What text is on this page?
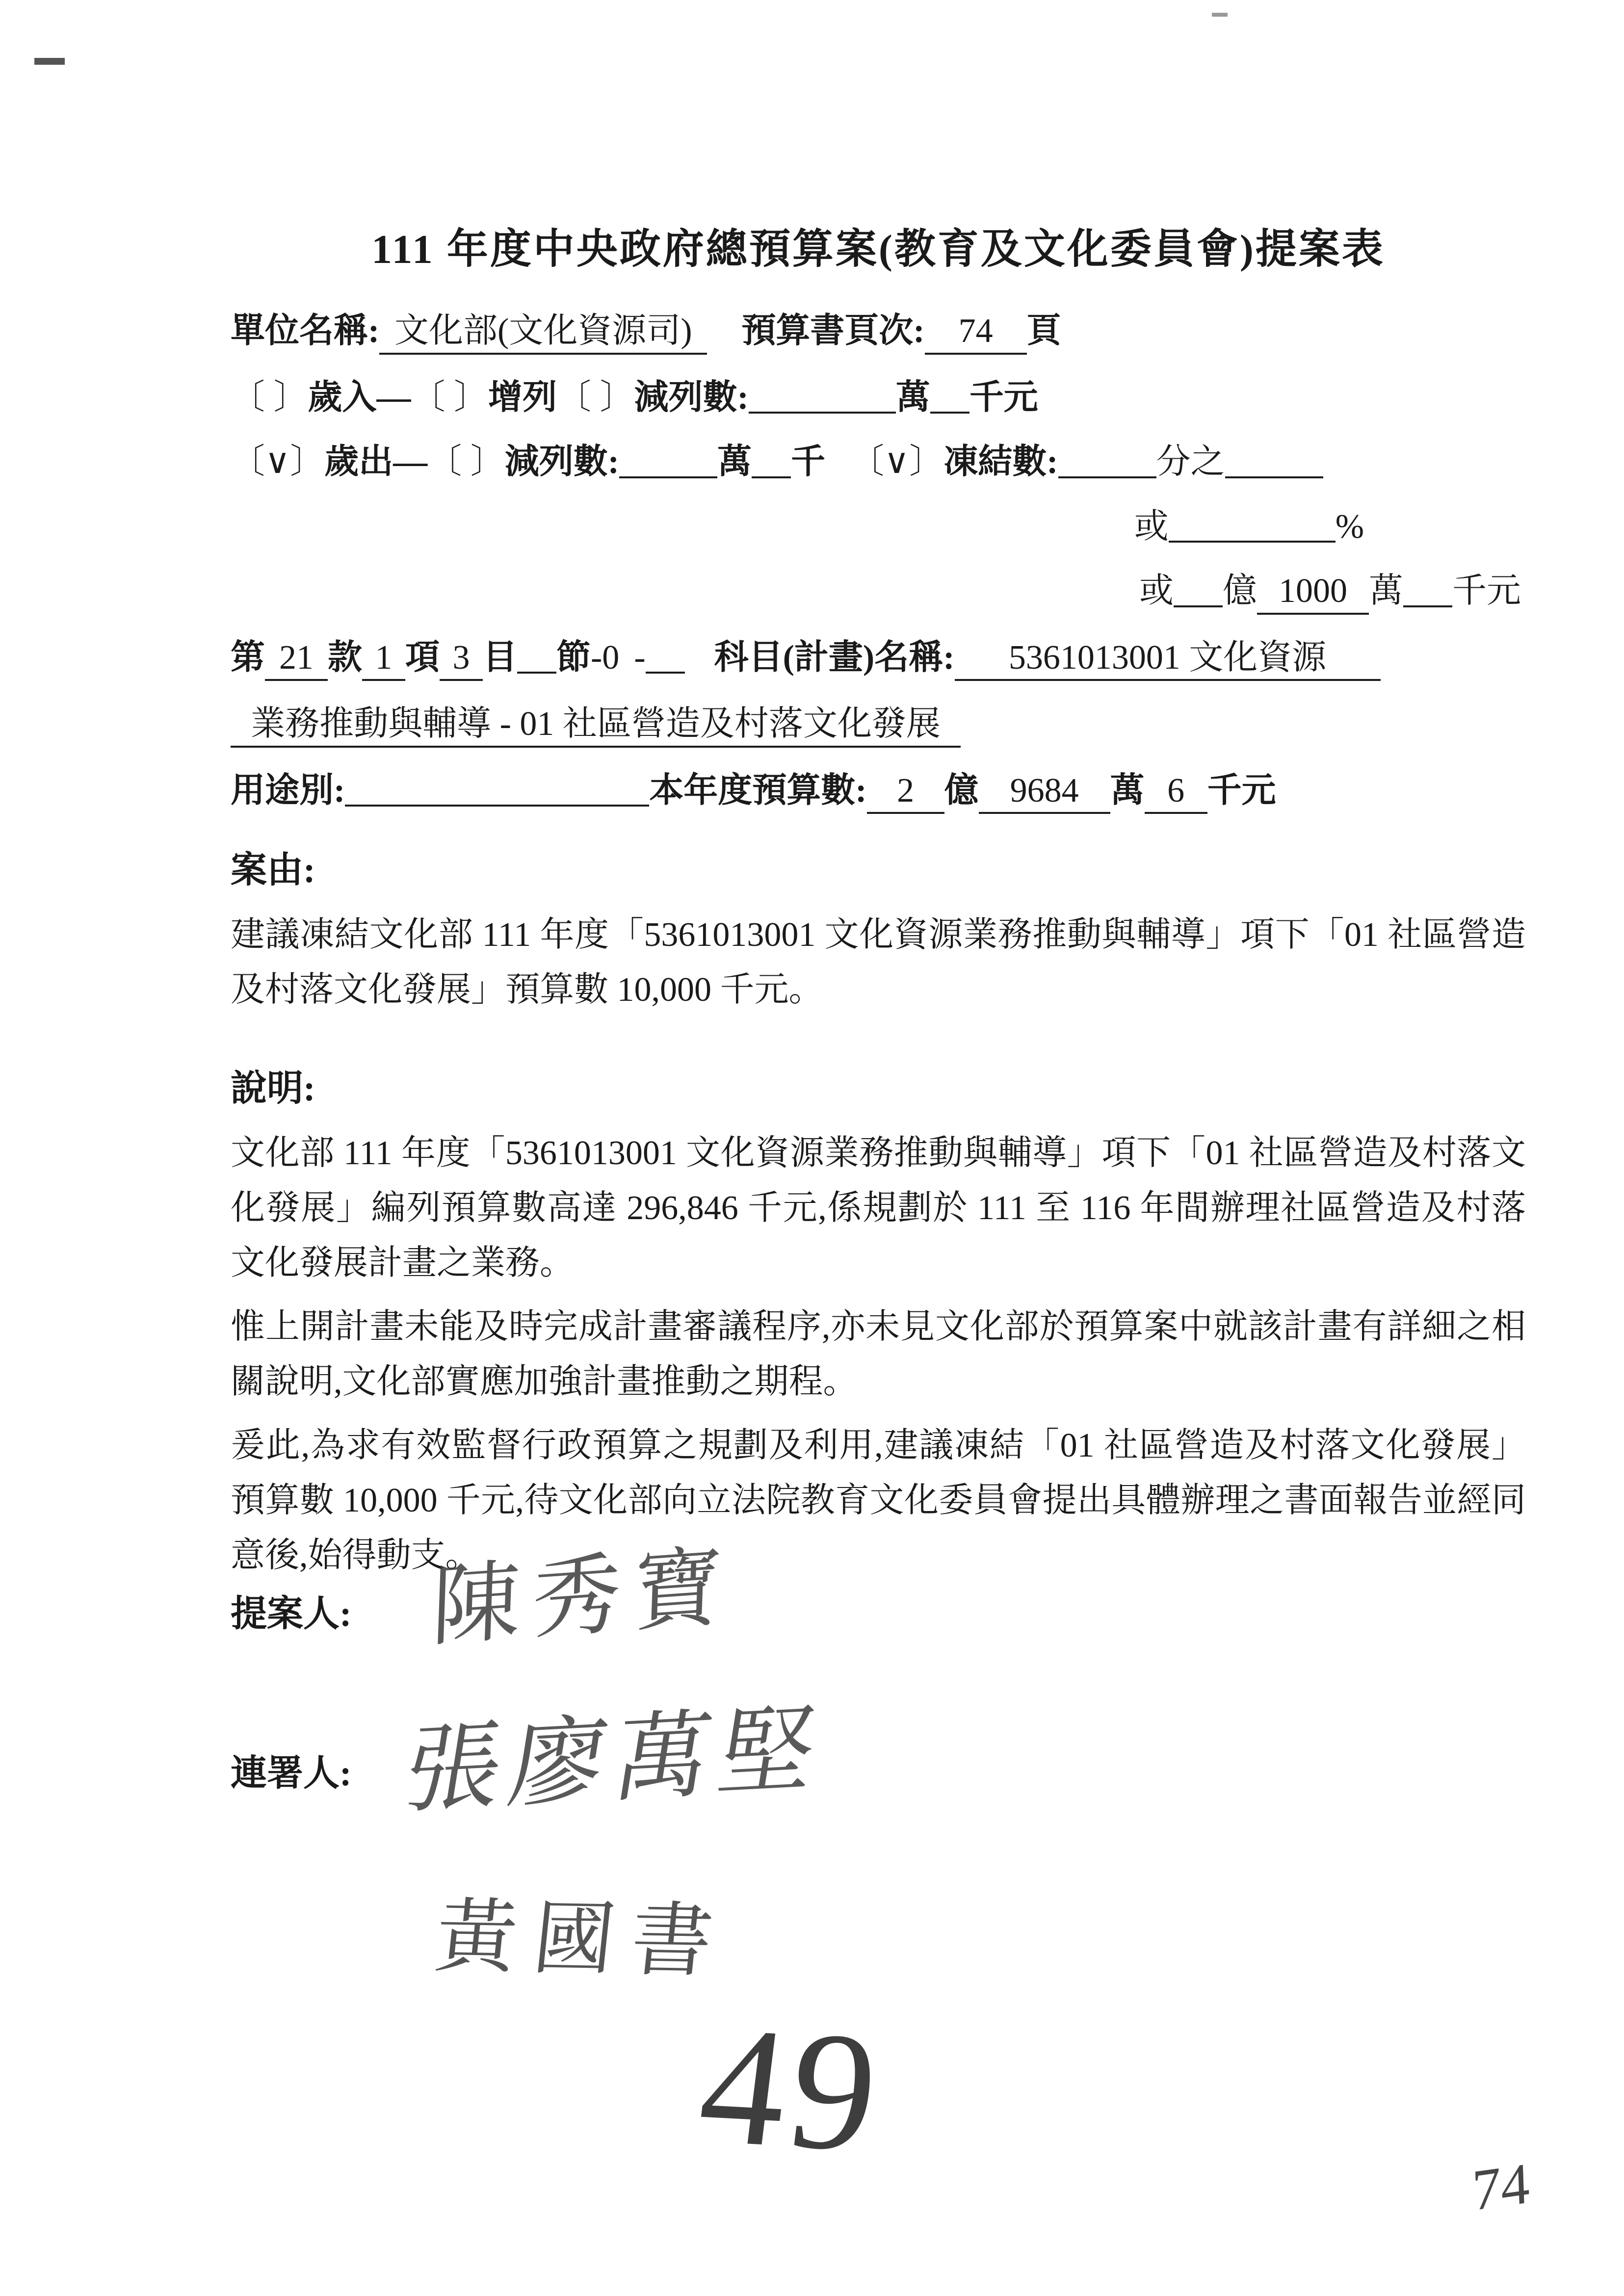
111 年度中央政府總預算案(教育及文化委員會)提案表
單位名稱: 文化部(文化資源司) 預算書頁次: 74 頁
〔 〕歲入—〔 〕增列〔 〕減列數:	萬 千元
〔∨〕歲出—〔 〕減列數:	萬 千 〔∨〕凍結數:	分之
或	%
或 億 1000 萬 千元
第 21 款 1 項 3 目 節-0 - 科目(計畫)名稱: 5361013001 文化資源
業務推動與輔導 - 01 社區營造及村落文化發展
用途別:	本年度預算數: 2 億 9684 萬 6 千元
案由:

建議凍結文化部 111 年度「5361013001 文化資源業務推動與輔導」項下「01 社區營造及村落文化發展」預算數 10,000 千元。

說明:

文化部 111 年度「5361013001 文化資源業務推動與輔導」項下「01 社區營造及村落文化發展」編列預算數高達 296,846 千元,係規劃於 111 至 116 年間辦理社區營造及村落文化發展計畫之業務。

惟上開計畫未能及時完成計畫審議程序,亦未見文化部於預算案中就該計畫有詳細之相關說明,文化部實應加強計畫推動之期程。

爰此,為求有效監督行政預算之規劃及利用,建議凍結「01 社區營造及村落文化發展」預算數 10,000 千元,待文化部向立法院教育文化委員會提出具體辦理之書面報告並經同意後,始得動支。

提案人: 陳秀寶
連署人: 張廖萬堅
黃國書
49	74
